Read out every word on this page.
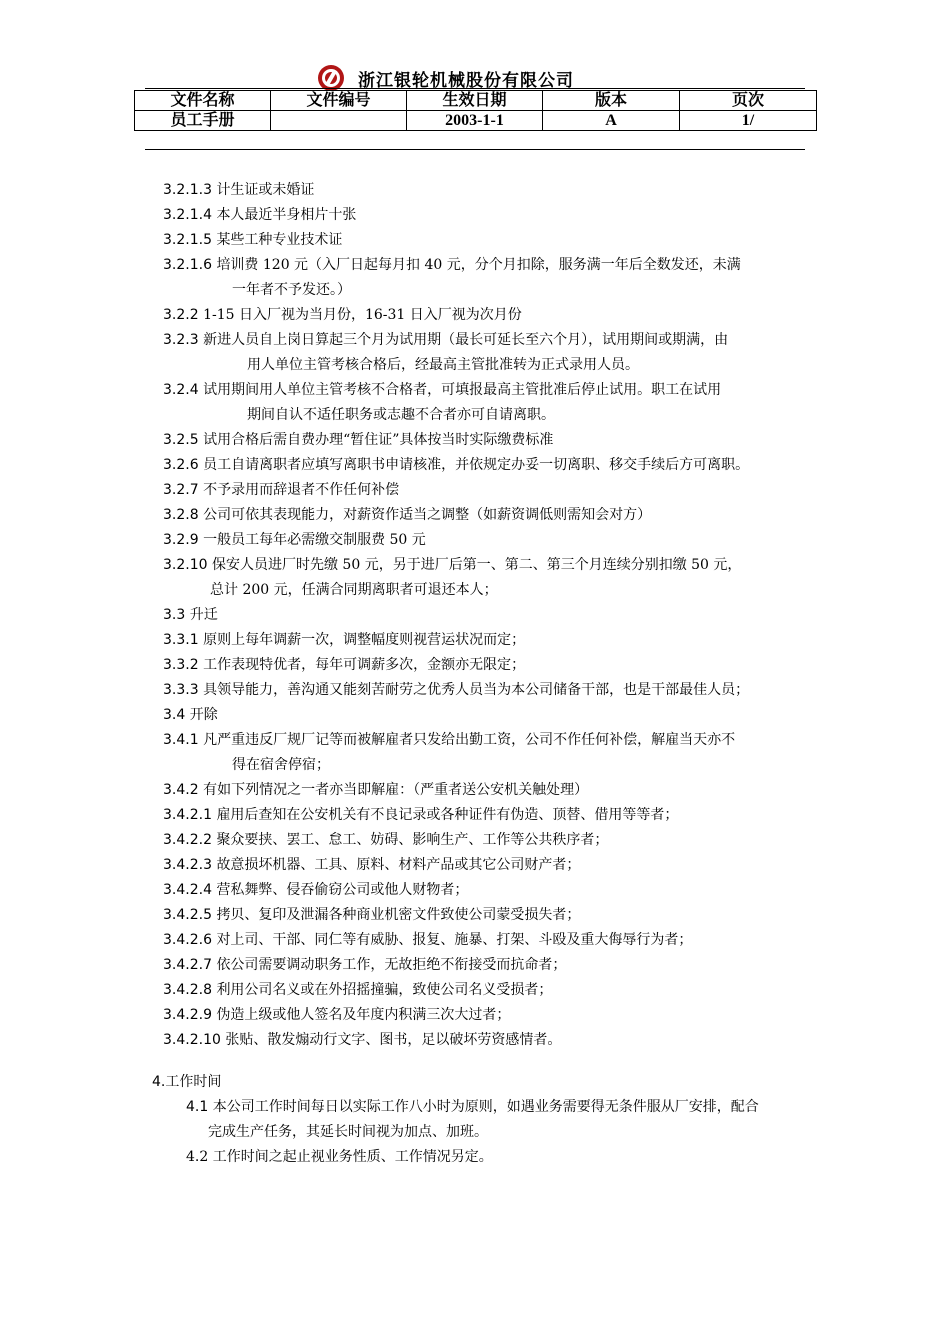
浙江银轮机械股份有限公司
文件名称	文件编号	生效日期	版本	页次
员工手册		2003-1-1	A	1/
3.2.1.3 计生证或未婚证
3.2.1.4 本人最近半身相片十张
3.2.1.5 某些工种专业技术证
3.2.1.6 培训费 120 元（入厂日起每月扣 40 元，分个月扣除，服务满一年后全数发还，未满
一年者不予发还。）
3.2.2 1-15 日入厂视为当月份，16-31 日入厂视为次月份
3.2.3 新进人员自上岗日算起三个月为试用期（最长可延长至六个月），试用期间或期满，由
用人单位主管考核合格后，经最高主管批准转为正式录用人员。
3.2.4 试用期间用人单位主管考核不合格者，可填报最高主管批准后停止试用。职工在试用
期间自认不适任职务或志趣不合者亦可自请离职。
3.2.5 试用合格后需自费办理“暂住证”具体按当时实际缴费标准
3.2.6 员工自请离职者应填写离职书申请核准，并依规定办妥一切离职、移交手续后方可离职。
3.2.7 不予录用而辞退者不作任何补偿
3.2.8 公司可依其表现能力，对薪资作适当之调整（如薪资调低则需知会对方）
3.2.9 一般员工每年必需缴交制服费 50 元
3.2.10 保安人员进厂时先缴 50 元，另于进厂后第一、第二、第三个月连续分别扣缴 50 元，
总计 200 元，任满合同期离职者可退还本人；
3.3 升迁
3.3.1 原则上每年调薪一次，调整幅度则视营运状况而定；
3.3.2 工作表现特优者，每年可调薪多次，金额亦无限定；
3.3.3 具领导能力，善沟通又能刻苦耐劳之优秀人员当为本公司储备干部，也是干部最佳人员；
3.4 开除
3.4.1 凡严重违反厂规厂记等而被解雇者只发给出勤工资，公司不作任何补偿，解雇当天亦不
得在宿舍停宿；
3.4.2 有如下列情况之一者亦当即解雇：（严重者送公安机关触处理）
3.4.2.1 雇用后查知在公安机关有不良记录或各种证件有伪造、顶替、借用等等者；
3.4.2.2 聚众要挟、罢工、怠工、妨碍、影响生产、工作等公共秩序者；
3.4.2.3 故意损坏机器、工具、原料、材料产品或其它公司财产者；
3.4.2.4 营私舞弊、侵吞偷窃公司或他人财物者；
3.4.2.5 拷贝、复印及泄漏各种商业机密文件致使公司蒙受损失者；
3.4.2.6 对上司、干部、同仁等有威胁、报复、施暴、打架、斗殴及重大侮辱行为者；
3.4.2.7 依公司需要调动职务工作，无故拒绝不衔接受而抗命者；
3.4.2.8 利用公司名义或在外招摇撞骗，致使公司名义受损者；
3.4.2.9 伪造上级或他人签名及年度内积满三次大过者；
3.4.2.10 张贴、散发煽动行文字、图书，足以破坏劳资感情者。
4.工作时间
4.1 本公司工作时间每日以实际工作八小时为原则，如遇业务需要得无条件服从厂安排，配合
完成生产任务，其延长时间视为加点、加班。
4.2 工作时间之起止视业务性质、工作情况另定。
